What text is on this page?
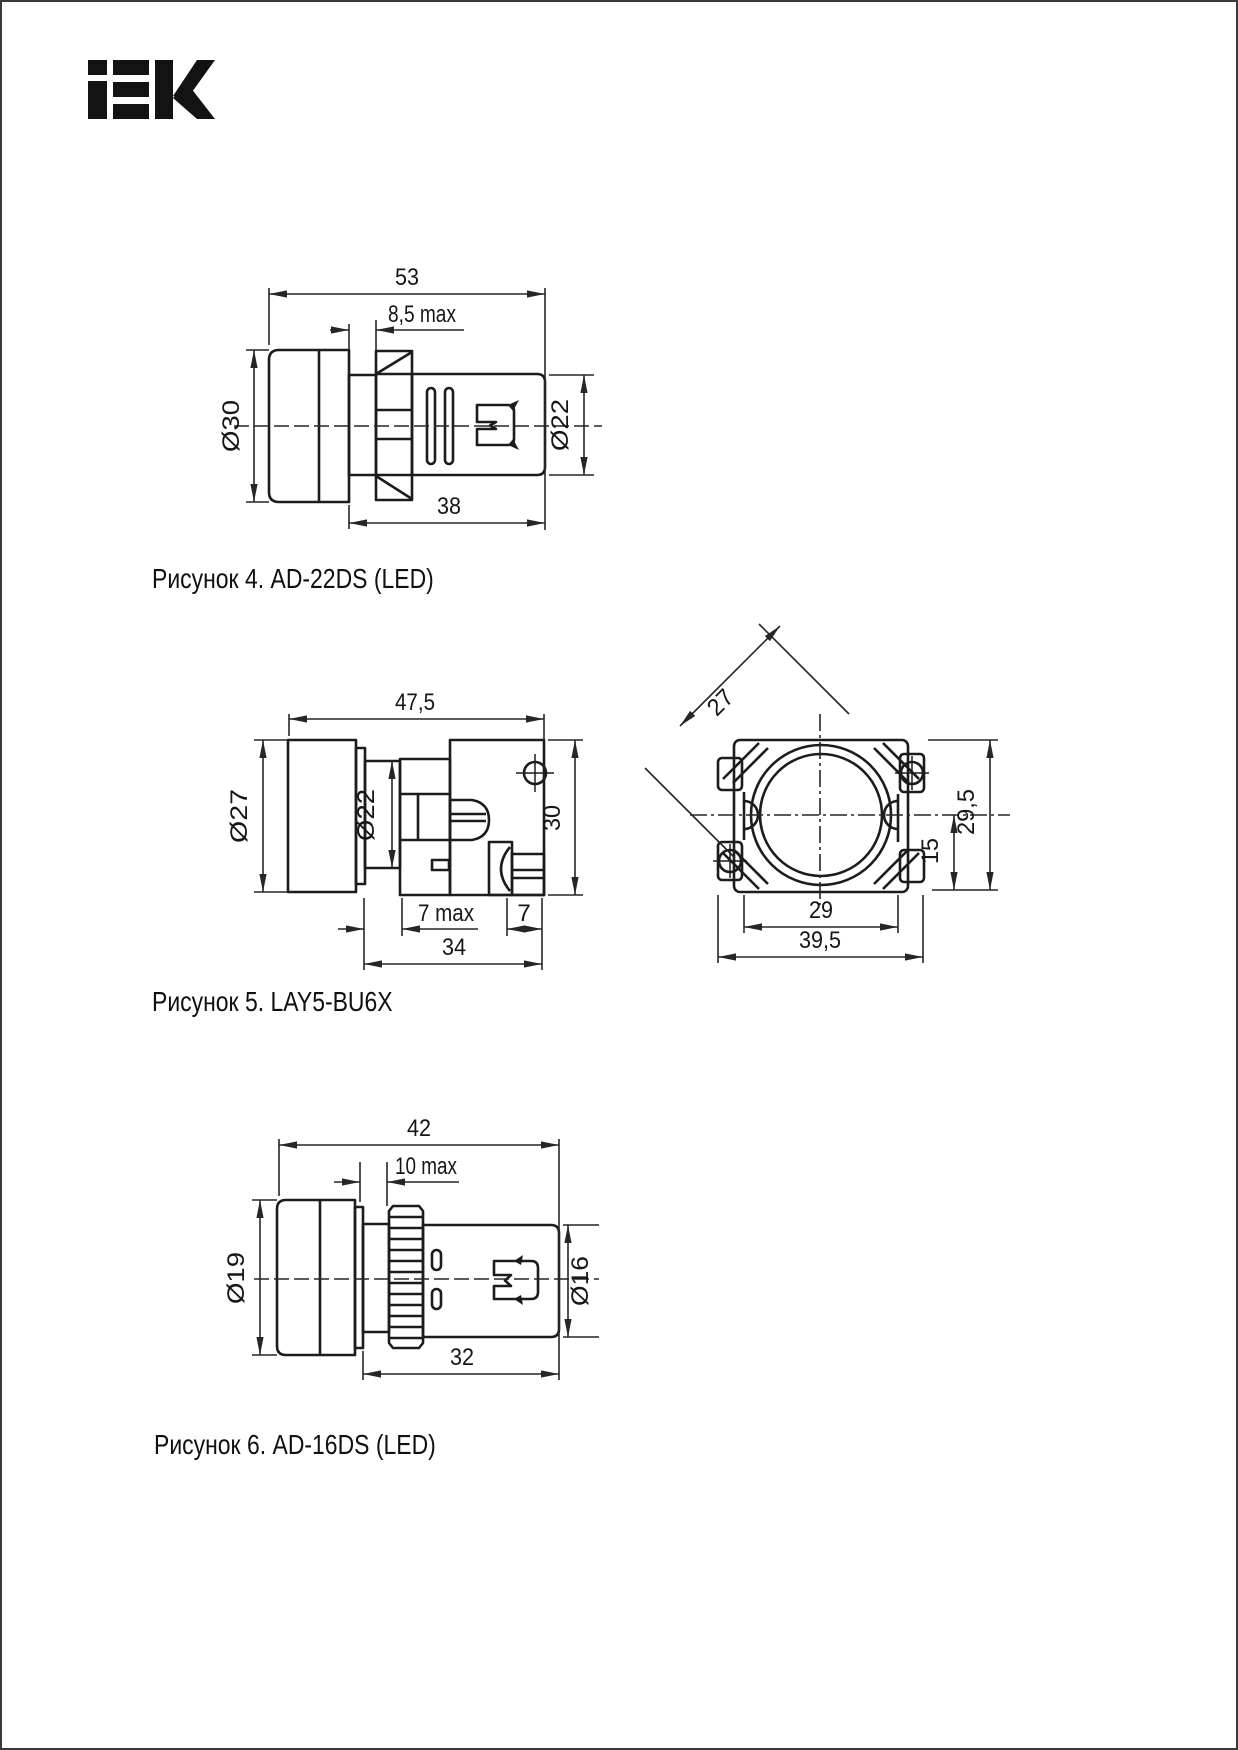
53
8,5 max
Ø30	Ø22
38
47,5
Ø27	Ø22	30
7 max 7
34
27
29,5
15
29
39,5
42
10 max
Ø19	Ø16
32
Рисунок 4. AD-22DS (LED)
Рисунок 5. LAY5-BU6X
Рисунок 6. AD-16DS (LED)
